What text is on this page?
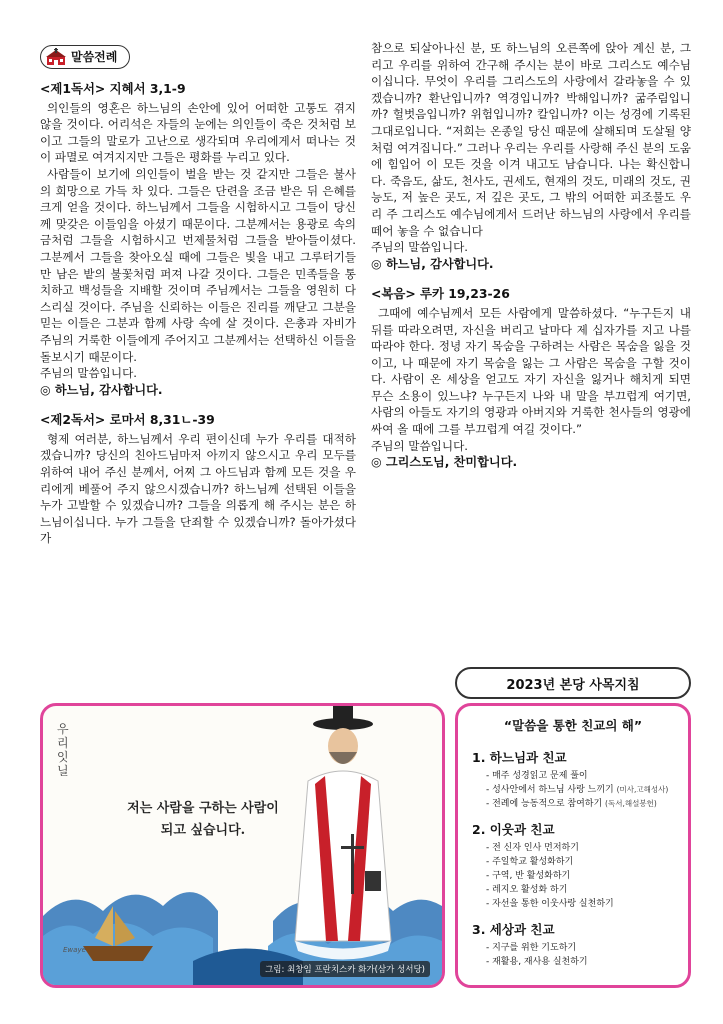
말씀전례
<제1독서> 지혜서 3,1-9

의인들의 영혼은 하느님의 손안에 있어 어떠한 고통도 겪지 않을 것이다. 어리석은 자들의 눈에는 의인들이 죽은 것처럼 보이고 그들의 말로가 고난으로 생각되며 우리에게서 떠나는 것이 파멸로 여겨지지만 그들은 평화를 누리고 있다.

사람들이 보기에 의인들이 벌을 받는 것 같지만 그들은 불사의 희망으로 가득 차 있다. 그들은 단련을 조금 받은 뒤 은혜를 크게 얻을 것이다. 하느님께서 그들을 시험하시고 그들이 당신께 맞갖은 이들임을 아셨기 때문이다. 그분께서는 용광로 속의 금처럼 그들을 시험하시고 번제물처럼 그들을 받아들이셨다. 그분께서 그들을 찾아오실 때에 그들은 빛을 내고 그루터기들만 남은 밭의 불꽃처럼 퍼져 나갈 것이다. 그들은 민족들을 통치하고 백성들을 지배할 것이며 주님께서는 그들을 영원히 다스리실 것이다. 주님을 신뢰하는 이들은 진리를 깨닫고 그분을 믿는 이들은 그분과 함께 사랑 속에 살 것이다. 은총과 자비가 주님의 거룩한 이들에게 주어지고 그분께서는 선택하신 이들을 돌보시기 때문이다.

주님의 말씀입니다.

◎ 하느님, 감사합니다.

<제2독서> 로마서 8,31ㄴ-39

형제 여러분, 하느님께서 우리 편이신데 누가 우리를 대적하겠습니까? 당신의 친아드님마저 아끼지 않으시고 우리 모두를 위하여 내어 주신 분께서, 어찌 그 아드님과 함께 모든 것을 우리에게 베풀어 주지 않으시겠습니까? 하느님께 선택된 이들을 누가 고발할 수 있겠습니까? 그들을 의롭게 해 주시는 분은 하느님이십니다. 누가 그들을 단죄할 수 있겠습니까? 돌아가셨다가

참으로 되살아나신 분, 또 하느님의 오른쪽에 앉아 계신 분, 그리고 우리를 위하여 간구해 주시는 분이 바로 그리스도 예수님이십니다. 무엇이 우리를 그리스도의 사랑에서 갈라놓을 수 있겠습니까? 환난입니까? 역경입니까? 박해입니까? 굶주림입니까? 헐벗음입니까? 위험입니까? 칼입니까? 이는 성경에 기록된 그대로입니다. “저희는 온종일 당신 때문에 살해되며 도살될 양처럼 여겨집니다.” 그러나 우리는 우리를 사랑해 주신 분의 도움에 힘입어 이 모든 것을 이겨 내고도 남습니다. 나는 확신합니다. 죽음도, 삶도, 천사도, 권세도, 현재의 것도, 미래의 것도, 권능도, 저 높은 곳도, 저 깊은 곳도, 그 밖의 어떠한 피조물도 우리 주 그리스도 예수님에게서 드러난 하느님의 사랑에서 우리를 떼어 놓을 수 없습니다

주님의 말씀입니다.

◎ 하느님, 감사합니다.

<복음> 루카 19,23-26

그때에 예수님께서 모든 사람에게 말씀하셨다. “누구든지 내 뒤를 따라오려면, 자신을 버리고 날마다 제 십자가를 지고 나를 따라야 한다. 정녕 자기 목숨을 구하려는 사람은 목숨을 잃을 것이고, 나 때문에 자기 목숨을 잃는 그 사람은 목숨을 구할 것이다. 사람이 온 세상을 얻고도 자기 자신을 잃거나 해치게 되면 무슨 소용이 있느냐? 누구든지 나와 내 말을 부끄럽게 여기면, 사람의 아들도 자기의 영광과 아버지와 거룩한 천사들의 영광에 싸여 올 때에 그를 부끄럽게 여길 것이다.”

주님의 말씀입니다.

◎ 그리스도님, 찬미합니다.

2023년 본당 사목지침
우리 잇닐
저는 사람을 구하는 사람이
되고 싶습니다.
Ewayé
그림: 최창임 프란치스카 화가(삼가 성서당)
“말씀을 통한 친교의 해”
1. 하느님과 친교
- 매주 성경읽고 문제 풀이
- 성사안에서 하느님 사랑 느끼기 (미사,고해성사)
- 전례에 능동적으로 참여하기 (독서,해설봉헌)
2. 이웃과 친교
- 전 신자 인사 먼저하기
- 주일학교 활성화하기
- 구역, 반 활성화하기
- 레지오 활성화 하기
- 자선을 통한 이웃사랑 실천하기
3. 세상과 친교
- 지구를 위한 기도하기
- 재활용, 재사용 실천하기
